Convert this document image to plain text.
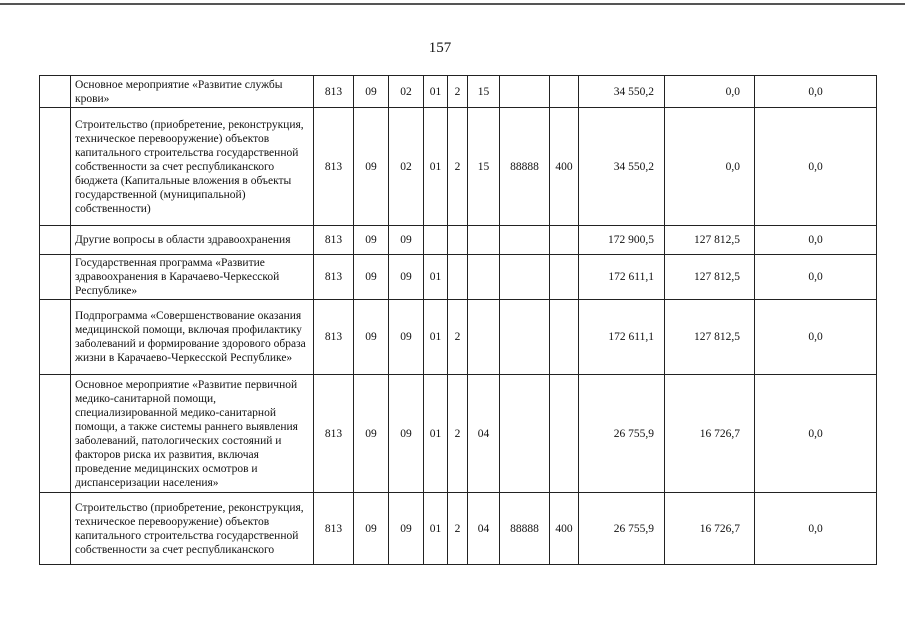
157
	Основное мероприятие «Развитие службы крови»	813	09	02	01	2	15			34 550,2	0,0	0,0
	Строительство (приобретение, реконструкция, техническое перевооружение) объектов капитального строительства государственной собственности за счет республиканского бюджета (Капитальные вложения в объекты государственной (муниципальной) собственности)	813	09	02	01	2	15	88888	400	34 550,2	0,0	0,0
	Другие вопросы в области здравоохранения	813	09	09						172 900,5	127 812,5	0,0
	Государственная программа «Развитие здравоохранения в Карачаево-Черкесской Республике»	813	09	09	01					172 611,1	127 812,5	0,0
	Подпрограмма «Совершенствование оказания медицинской помощи, включая профилактику заболеваний и формирование здорового образа жизни в Карачаево-Черкесской Республике»	813	09	09	01	2				172 611,1	127 812,5	0,0
	Основное мероприятие «Развитие первичной медико-санитарной помощи, специализированной медико-санитарной помощи, а также системы раннего выявления заболеваний, патологических состояний и факторов риска их развития, включая проведение медицинских осмотров и диспансеризации населения»	813	09	09	01	2	04			26 755,9	16 726,7	0,0
	Строительство (приобретение, реконструкция, техническое перевооружение) объектов капитального строительства государственной собственности за счет республиканского	813	09	09	01	2	04	88888	400	26 755,9	16 726,7	0,0
